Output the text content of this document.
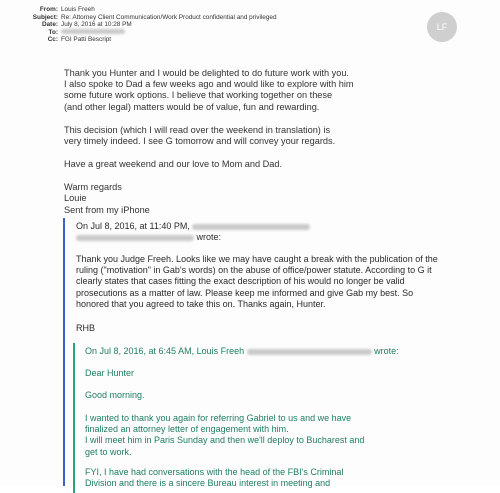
From: Louis Freeh
Subject: Re: Attorney Client Communication/Work Product confidential and privileged
Date: July 8, 2016 at 10:28 PM
To:
Cc: FGI Patti Bescript
LF
Thank you Hunter and I would be delighted to do future work with you.
I also spoke to Dad a few weeks ago and would like to explore with him
some future work options. I believe that working together on these
(and other legal) matters would be of value, fun and rewarding.
This decision (which I will read over the weekend in translation) is
very timely indeed. I see G tomorrow and will convey your regards.
Have a great weekend and our love to Mom and Dad.
Warm regards
Louie
Sent from my iPhone
On Jul 8, 2016, at 11:40 PM,
wrote:
Thank you Judge Freeh. Looks like we may have caught a break with the publication of the
ruling ("motivation" in Gab's words) on the abuse of office/power statute. According to G it
clearly states that cases fitting the exact description of his would no longer be valid
prosecutions as a matter of law. Please keep me informed and give Gab my best. So
honored that you agreed to take this on. Thanks again, Hunter.
RHB
On Jul 8, 2016, at 6:45 AM, Louis Freeh	wrote:
Dear Hunter
Good morning.
I wanted to thank you again for referring Gabriel to us and we have
finalized an attorney letter of engagement with him.
I will meet him in Paris Sunday and then we'll deploy to Bucharest and
get to work.
FYI, I have had conversations with the head of the FBI's Criminal
Division and there is a sincere Bureau interest in meeting and
